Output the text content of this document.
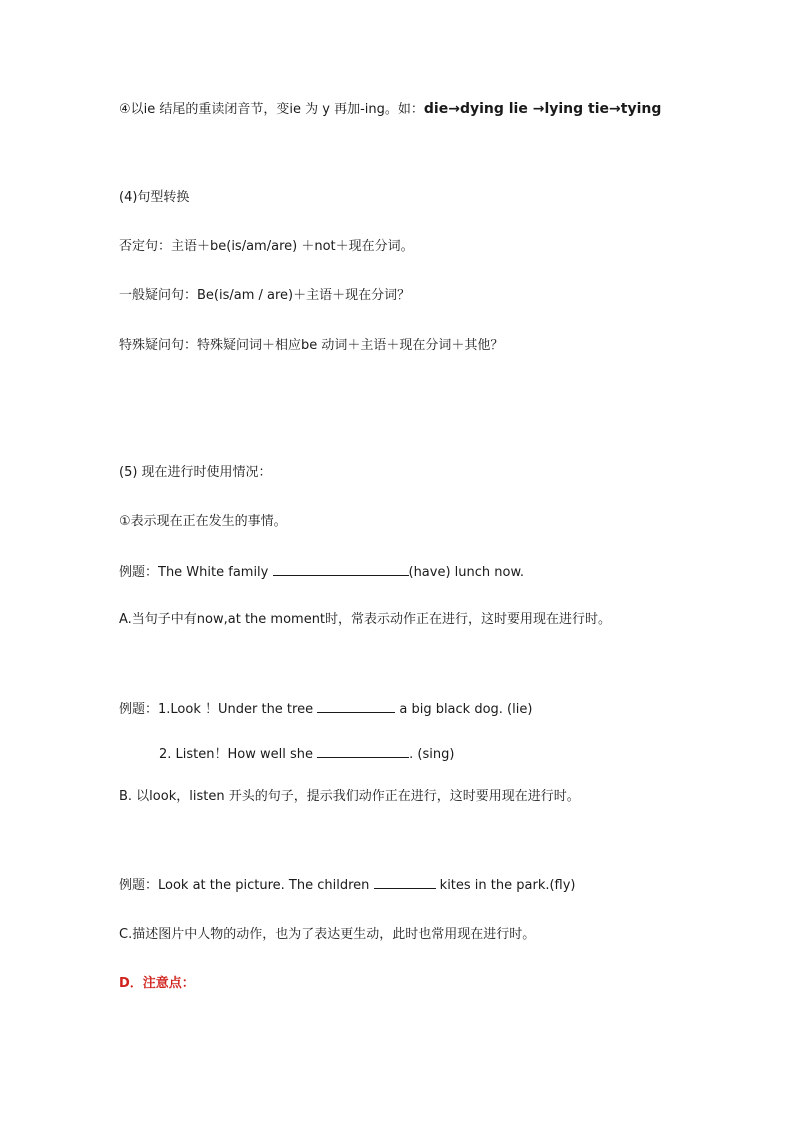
④以ie 结尾的重读闭音节，变ie 为 y 再加-ing。如：die→dying lie →lying tie→tying
(4)句型转换
否定句：主语＋be(is/am/are) ＋not＋现在分词。
一般疑问句：Be(is/am / are)＋主语＋现在分词？
特殊疑问句：特殊疑问词＋相应be 动词＋主语＋现在分词＋其他？
(5) 现在进行时使用情况：
①表示现在正在发生的事情。
例题：The White family	(have) lunch now.
A.当句子中有now,at the moment时，常表示动作正在进行，这时要用现在进行时。
例题：1.Look ！Under the tree	a big black dog. (lie)
2. Listen！How well she	. (sing)
B. 以look，listen 开头的句子，提示我们动作正在进行，这时要用现在进行时。
例题：Look at the picture. The children	kites in the park.(fly)
C.描述图片中人物的动作，也为了表达更生动，此时也常用现在进行时。
D．注意点：
